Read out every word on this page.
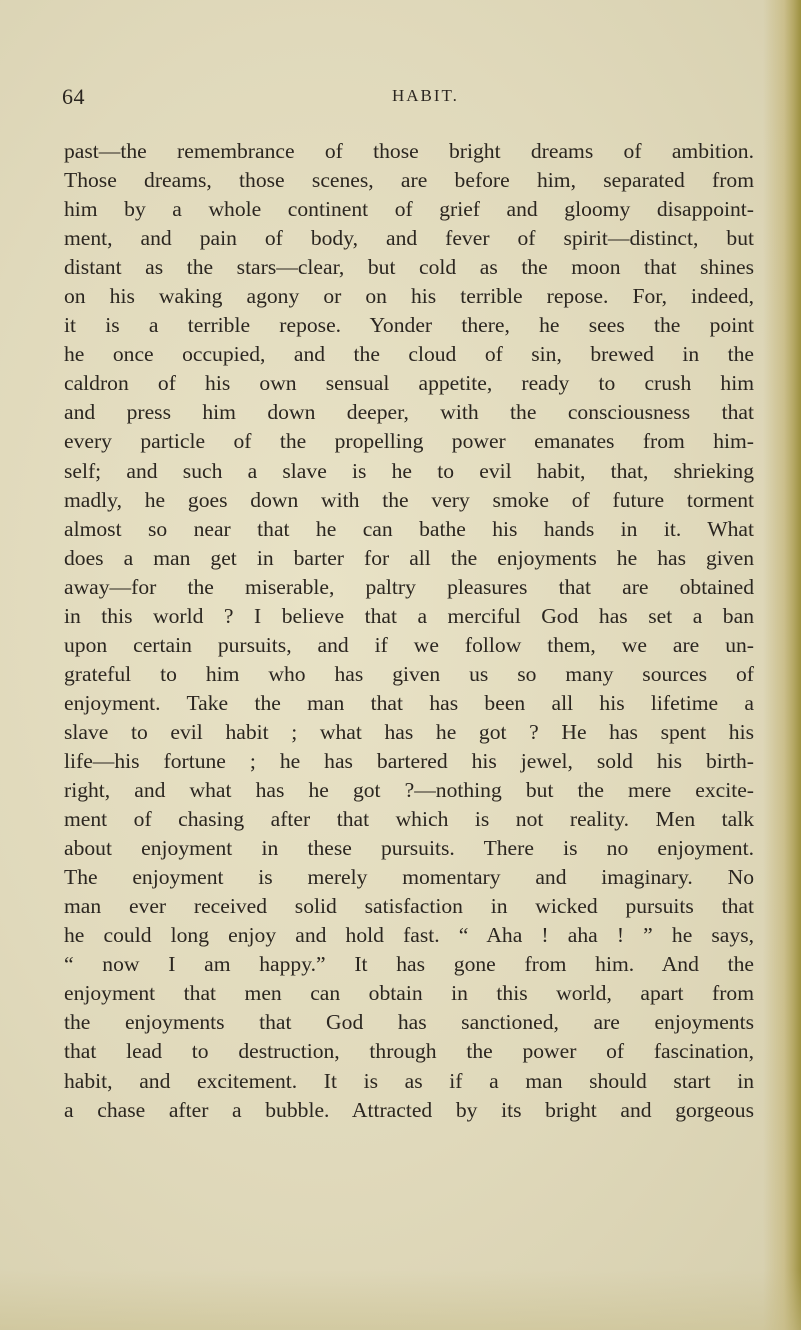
64	HABIT.
past—the remembrance of those bright dreams of ambition.
Those dreams, those scenes, are before him, separated from
him by a whole continent of grief and gloomy disappoint-
ment, and pain of body, and fever of spirit—distinct, but
distant as the stars—clear, but cold as the moon that shines
on his waking agony or on his terrible repose. For, indeed,
it is a terrible repose. Yonder there, he sees the point
he once occupied, and the cloud of sin, brewed in the
caldron of his own sensual appetite, ready to crush him
and press him down deeper, with the consciousness that
every particle of the propelling power emanates from him-
self; and such a slave is he to evil habit, that, shrieking
madly, he goes down with the very smoke of future torment
almost so near that he can bathe his hands in it. What
does a man get in barter for all the enjoyments he has given
away—for the miserable, paltry pleasures that are obtained
in this world ? I believe that a merciful God has set a ban
upon certain pursuits, and if we follow them, we are un-
grateful to him who has given us so many sources of
enjoyment. Take the man that has been all his lifetime a
slave to evil habit ; what has he got ? He has spent his
life—his fortune ; he has bartered his jewel, sold his birth-
right, and what has he got ?—nothing but the mere excite-
ment of chasing after that which is not reality. Men talk
about enjoyment in these pursuits. There is no enjoyment.
The enjoyment is merely momentary and imaginary. No
man ever received solid satisfaction in wicked pursuits that
he could long enjoy and hold fast. “ Aha ! aha ! ” he says,
“ now I am happy.” It has gone from him. And the
enjoyment that men can obtain in this world, apart from
the enjoyments that God has sanctioned, are enjoyments
that lead to destruction, through the power of fascination,
habit, and excitement. It is as if a man should start in
a chase after a bubble. Attracted by its bright and gorgeous
